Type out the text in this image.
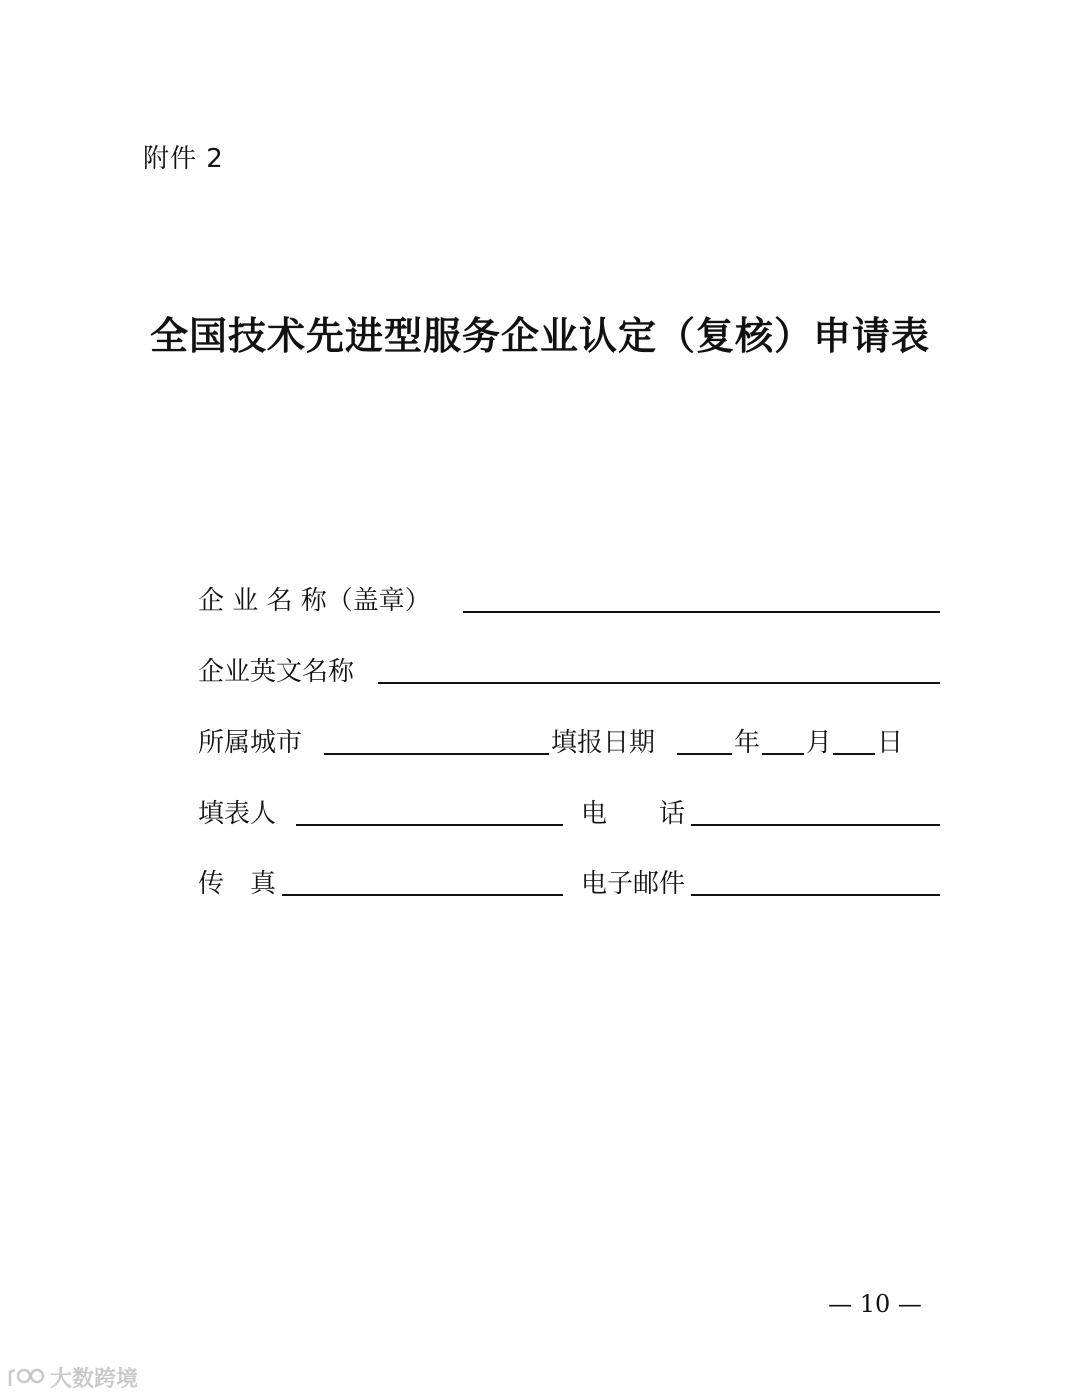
附件 2
全国技术先进型服务企业认定（复核）申请表
企 业 名 称（盖章）
企业英文名称
所属城市	填报日期	年 月 日
填表人	电　　话
传　真	电子邮件
— 10 —
大数跨境
